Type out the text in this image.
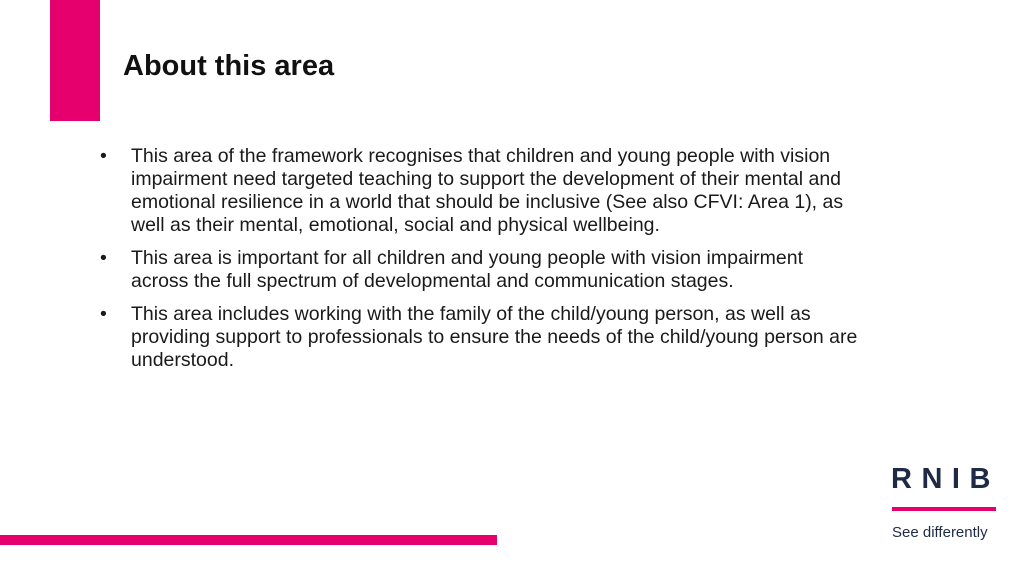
About this area
• This area of the framework recognises that children and young people with vision impairment need targeted teaching to support the development of their mental and emotional resilience in a world that should be inclusive (See also CFVI: Area 1), as well as their mental, emotional, social and physical wellbeing.
• This area is important for all children and young people with vision impairment across the full spectrum of developmental and communication stages.
• This area includes working with the family of the child/young person, as well as providing support to professionals to ensure the needs of the child/young person are understood.
RNIB
See differently
